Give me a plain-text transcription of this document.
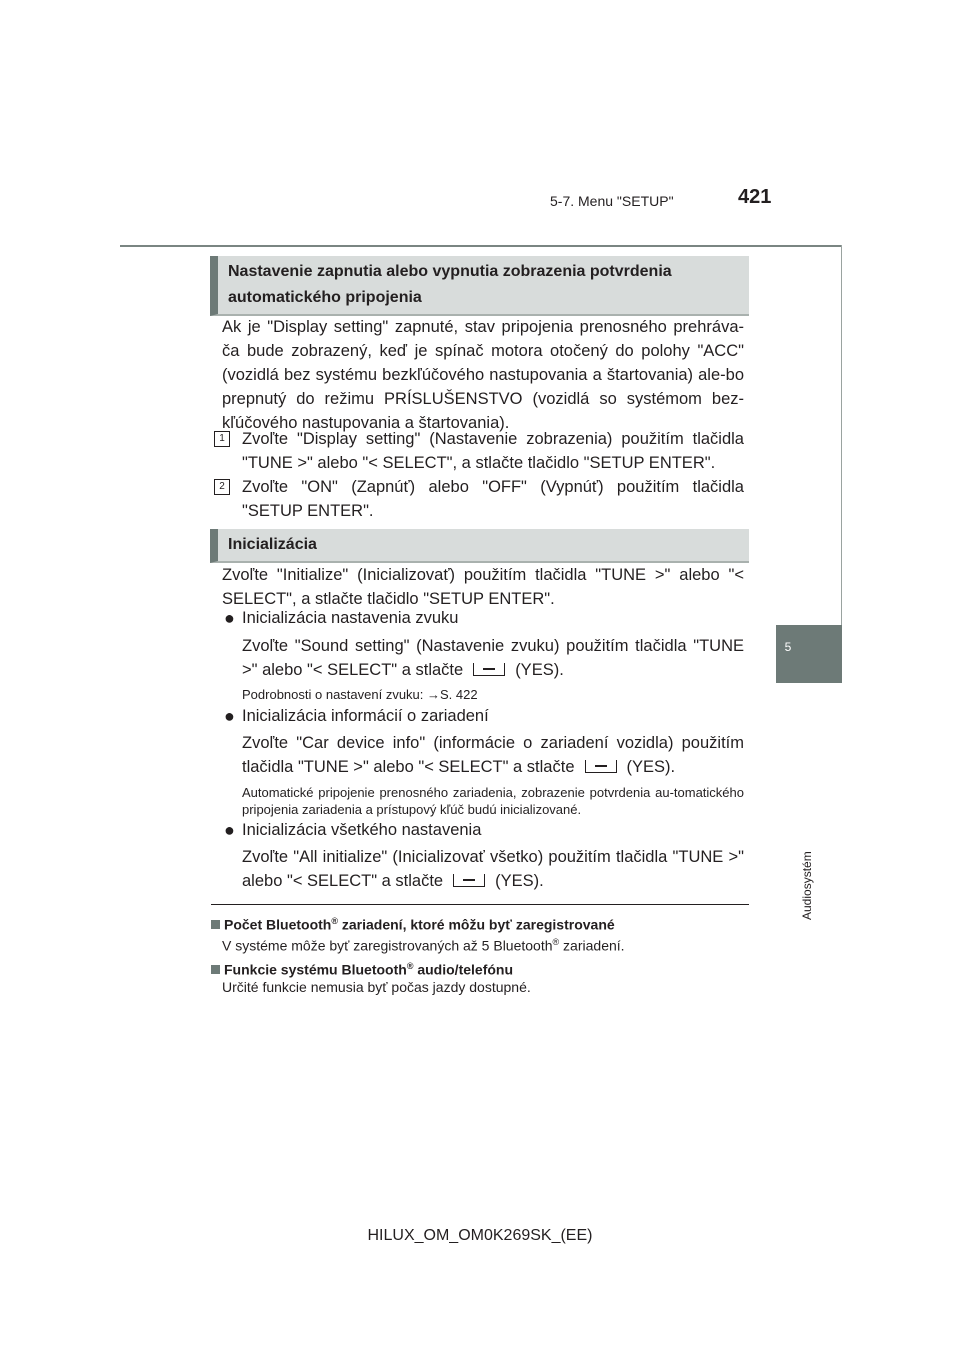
5-7. Menu "SETUP"	421
5
Audiosystém
Nastavenie zapnutia alebo vypnutia zobrazenia potvrdenia automatického pripojenia
Ak je "Display setting" zapnuté, stav pripojenia prenosného prehráva-ča bude zobrazený, keď je spínač motora otočený do polohy "ACC" (vozidlá bez systému bezkľúčového nastupovania a štartovania) ale-bo prepnutý do režimu PRÍSLUŠENSTVO (vozidlá so systémom bez-kľúčového nastupovania a štartovania).
1	Zvoľte "Display setting" (Nastavenie zobrazenia) použitím tlačidla "TUNE >" alebo "< SELECT", a stlačte tlačidlo "SETUP ENTER".
2	Zvoľte "ON" (Zapnúť) alebo "OFF" (Vypnúť) použitím tlačidla "SETUP ENTER".
Inicializácia
Zvoľte "Initialize" (Inicializovať) použitím tlačidla "TUNE >" alebo "< SELECT", a stlačte tlačidlo "SETUP ENTER".
● Inicializácia nastavenia zvuku
Zvoľte "Sound setting" (Nastavenie zvuku) použitím tlačidla "TUNE >" alebo "< SELECT" a stlačte	(YES).
Podrobnosti o nastavení zvuku: →S. 422
● Inicializácia informácií o zariadení
Zvoľte "Car device info" (informácie o zariadení vozidla) použitím tlačidla "TUNE >" alebo "< SELECT" a stlačte	(YES).
Automatické pripojenie prenosného zariadenia, zobrazenie potvrdenia au-tomatického pripojenia zariadenia a prístupový kľúč budú inicializované.
● Inicializácia všetkého nastavenia
Zvoľte "All initialize" (Inicializovať všetko) použitím tlačidla "TUNE >" alebo "< SELECT" a stlačte	(YES).
Počet Bluetooth® zariadení, ktoré môžu byť zaregistrované
V systéme môže byť zaregistrovaných až 5 Bluetooth® zariadení.
Funkcie systému Bluetooth® audio/telefónu
Určité funkcie nemusia byť počas jazdy dostupné.
HILUX_OM_OM0K269SK_(EE)
